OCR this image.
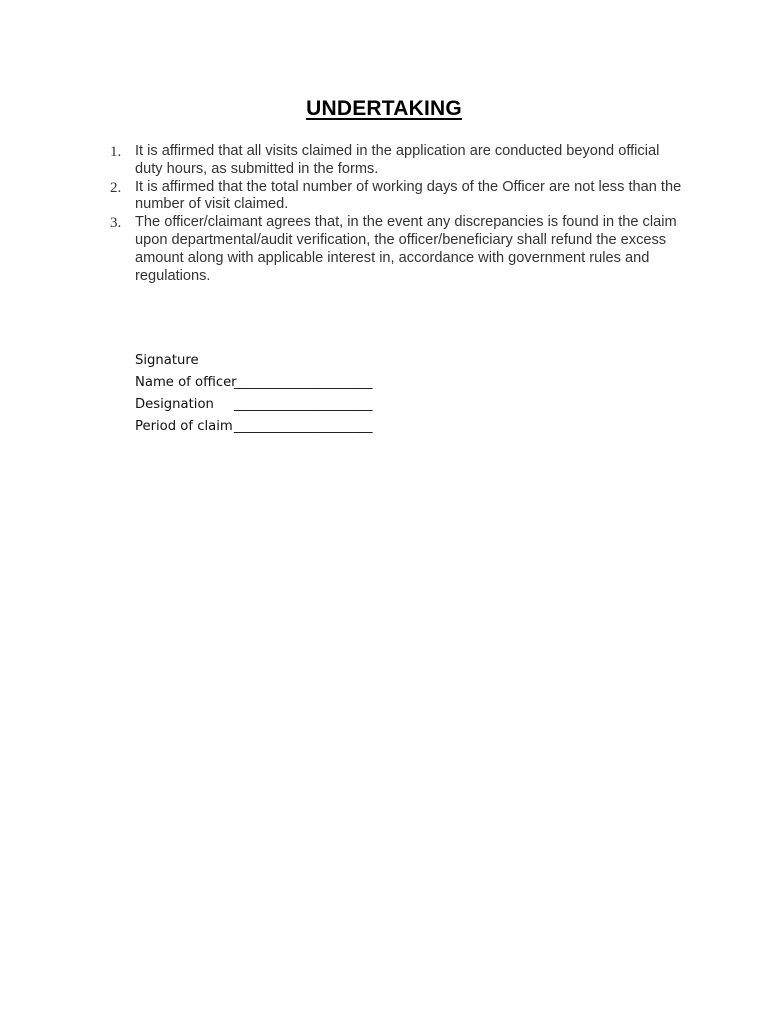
UNDERTAKING
1. It is affirmed that all visits claimed in the application are conducted beyond official duty hours, as submitted in the forms.
2. It is affirmed that the total number of working days of the Officer are not less than the number of visit claimed.
3. The officer/claimant agrees that, in the event any discrepancies is found in the claim upon departmental/audit verification, the officer/beneficiary shall refund the excess amount along with applicable interest in, accordance with government rules and regulations.
Signature
Name of officer
_____________________
Designation	_____________________
Period of claim _____________________
